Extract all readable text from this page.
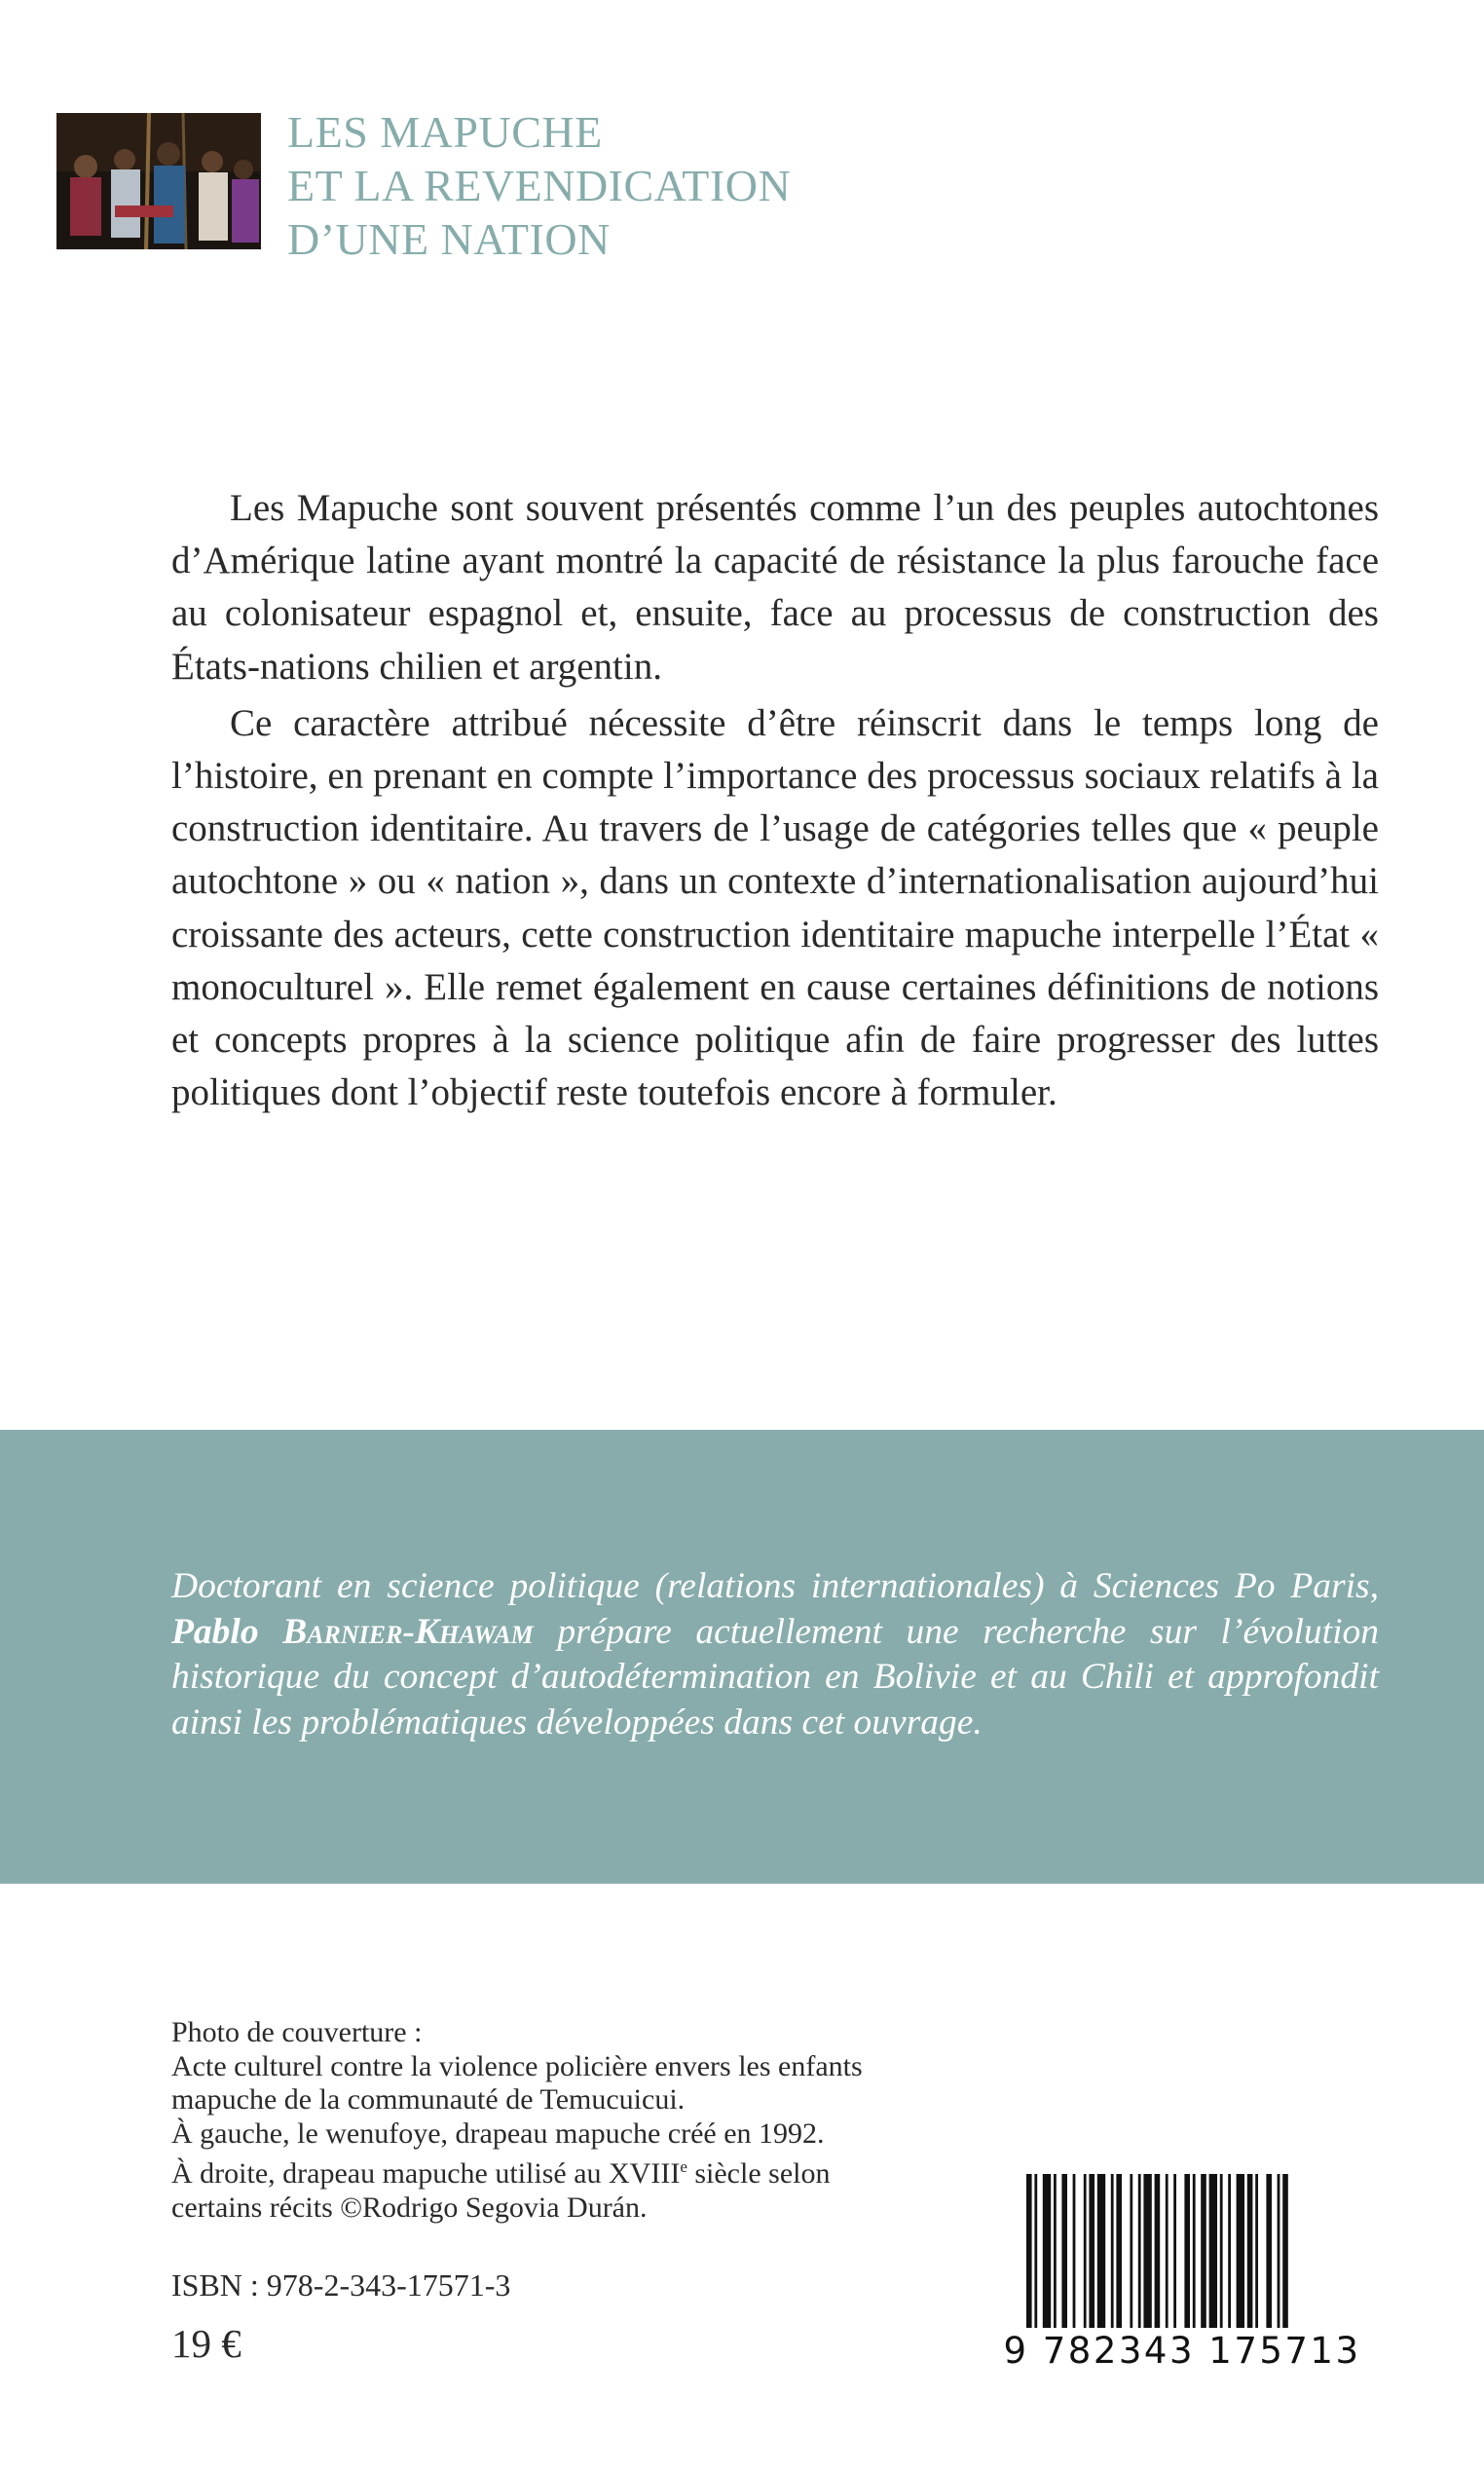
LES MAPUCHE
ET LA REVENDICATION
D’UNE NATION

Les Mapuche sont souvent présentés comme l’un des peuples autochtones d’Amérique latine ayant montré la capacité de résistance la plus farouche face au colonisateur espagnol et, ensuite, face au processus de construction des États-nations chilien et argentin.

Ce caractère attribué nécessite d’être réinscrit dans le temps long de l’histoire, en prenant en compte l’importance des processus sociaux relatifs à la construction identitaire. Au travers de l’usage de catégories telles que « peuple autochtone » ou « nation », dans un contexte d’internationalisation aujourd’hui croissante des acteurs, cette construction identitaire mapuche interpelle l’État « monoculturel ». Elle remet également en cause certaines définitions de notions et concepts propres à la science politique afin de faire progresser des luttes politiques dont l’objectif reste toutefois encore à formuler.

Doctorant en science politique (relations internationales) à Sciences Po Paris, Pablo Barnier-Khawam prépare actuellement une recherche sur l’évolution historique du concept d’autodétermination en Bolivie et au Chili et approfondit ainsi les problématiques développées dans cet ouvrage.
Photo de couverture :
Acte culturel contre la violence policière envers les enfants
mapuche de la communauté de Temucuicui.
À gauche, le wenufoye, drapeau mapuche créé en 1992.
À droite, drapeau mapuche utilisé au XVIIIe siècle selon
certains récits ©Rodrigo Segovia Durán.
ISBN : 978-2-343-17571-3
19 €	9 782343 175713
